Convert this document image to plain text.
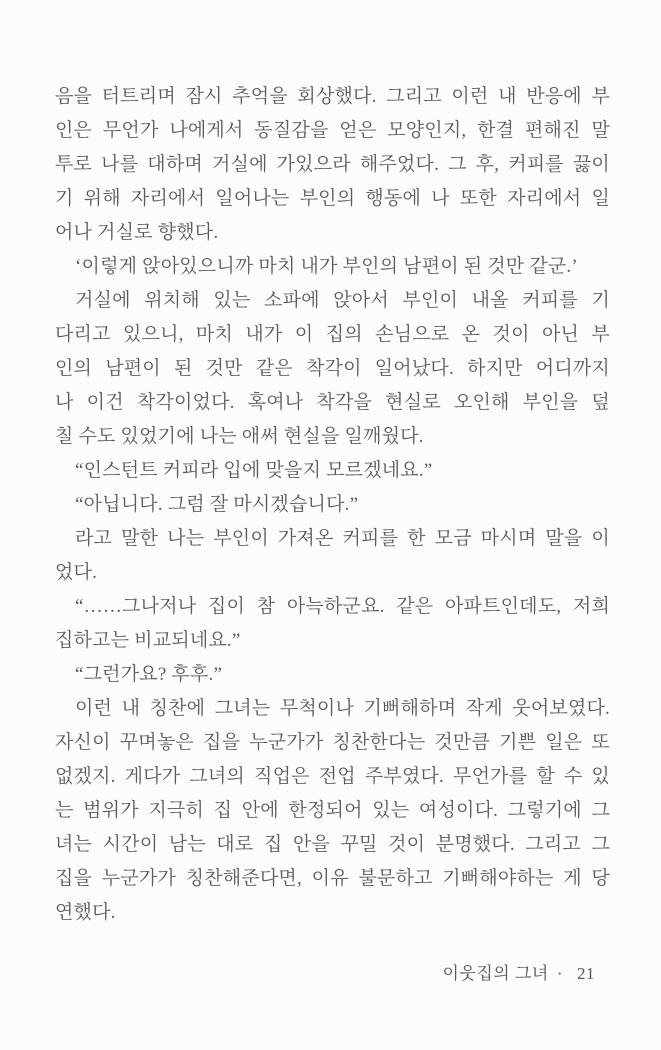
음을 터트리며 잠시 추억을 회상했다. 그리고 이런 내 반응에 부
인은 무언가 나에게서 동질감을 얻은 모양인지, 한결 편해진 말
투로 나를 대하며 거실에 가있으라 해주었다. 그 후, 커피를 끓이
기 위해 자리에서 일어나는 부인의 행동에 나 또한 자리에서 일
어나 거실로 향했다.
‘이렇게 앉아있으니까 마치 내가 부인의 남편이 된 것만 같군.’
거실에 위치해 있는 소파에 앉아서 부인이 내올 커피를 기
다리고 있으니, 마치 내가 이 집의 손님으로 온 것이 아닌 부
인의 남편이 된 것만 같은 착각이 일어났다. 하지만 어디까지
나 이건 착각이었다. 혹여나 착각을 현실로 오인해 부인을 덮
칠 수도 있었기에 나는 애써 현실을 일깨웠다.
“인스턴트 커피라 입에 맞을지 모르겠네요.”
“아닙니다. 그럼 잘 마시겠습니다.”
라고 말한 나는 부인이 가져온 커피를 한 모금 마시며 말을 이
었다.
“……그나저나 집이 참 아늑하군요. 같은 아파트인데도, 저희
집하고는 비교되네요.”
“그런가요? 후후.”
이런 내 칭찬에 그녀는 무척이나 기뻐해하며 작게 웃어보였다.
자신이 꾸며놓은 집을 누군가가 칭찬한다는 것만큼 기쁜 일은 또
없겠지. 게다가 그녀의 직업은 전업 주부였다. 무언가를 할 수 있
는 범위가 지극히 집 안에 한정되어 있는 여성이다. 그렇기에 그
녀는 시간이 남는 대로 집 안을 꾸밀 것이 분명했다. 그리고 그
집을 누군가가 칭찬해준다면, 이유 불문하고 기뻐해야하는 게 당
연했다.
이웃집의 그녀 · 21
